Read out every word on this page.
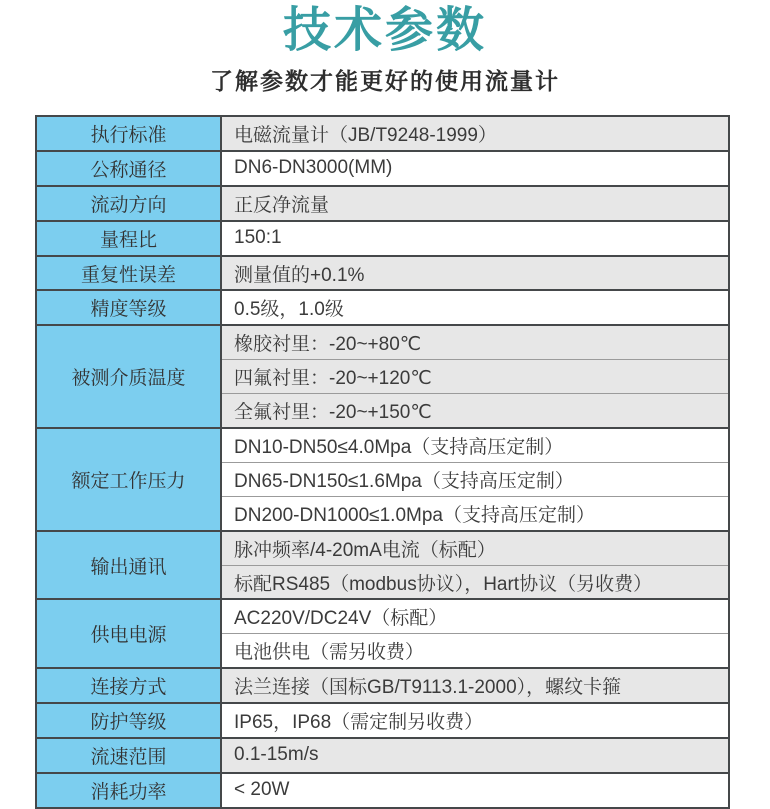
技术参数

了解参数才能更好的使用流量计

执行标准	电磁流量计（JB/T9248-1999）
公称通径	DN6-DN3000(MM)
流动方向	正反净流量
量程比	150:1
重复性误差	测量值的+0.1%
精度等级	0.5级，1.0级
被测介质温度	橡胶衬里：-20~+80℃
	四氟衬里：-20~+120℃
	全氟衬里：-20~+150℃
额定工作压力	DN10-DN50≤4.0Mpa（支持高压定制）
	DN65-DN150≤1.6Mpa（支持高压定制）
	DN200-DN1000≤1.0Mpa（支持高压定制）
输出通讯	脉冲频率/4-20mA电流（标配）
	标配RS485（modbus协议），Hart协议（另收费）
供电电源	AC220V/DC24V（标配）
	电池供电（需另收费）
连接方式	法兰连接（国标GB/T9113.1-2000），螺纹卡箍
防护等级	IP65，IP68（需定制另收费）
流速范围	0.1-15m/s
消耗功率	< 20W
